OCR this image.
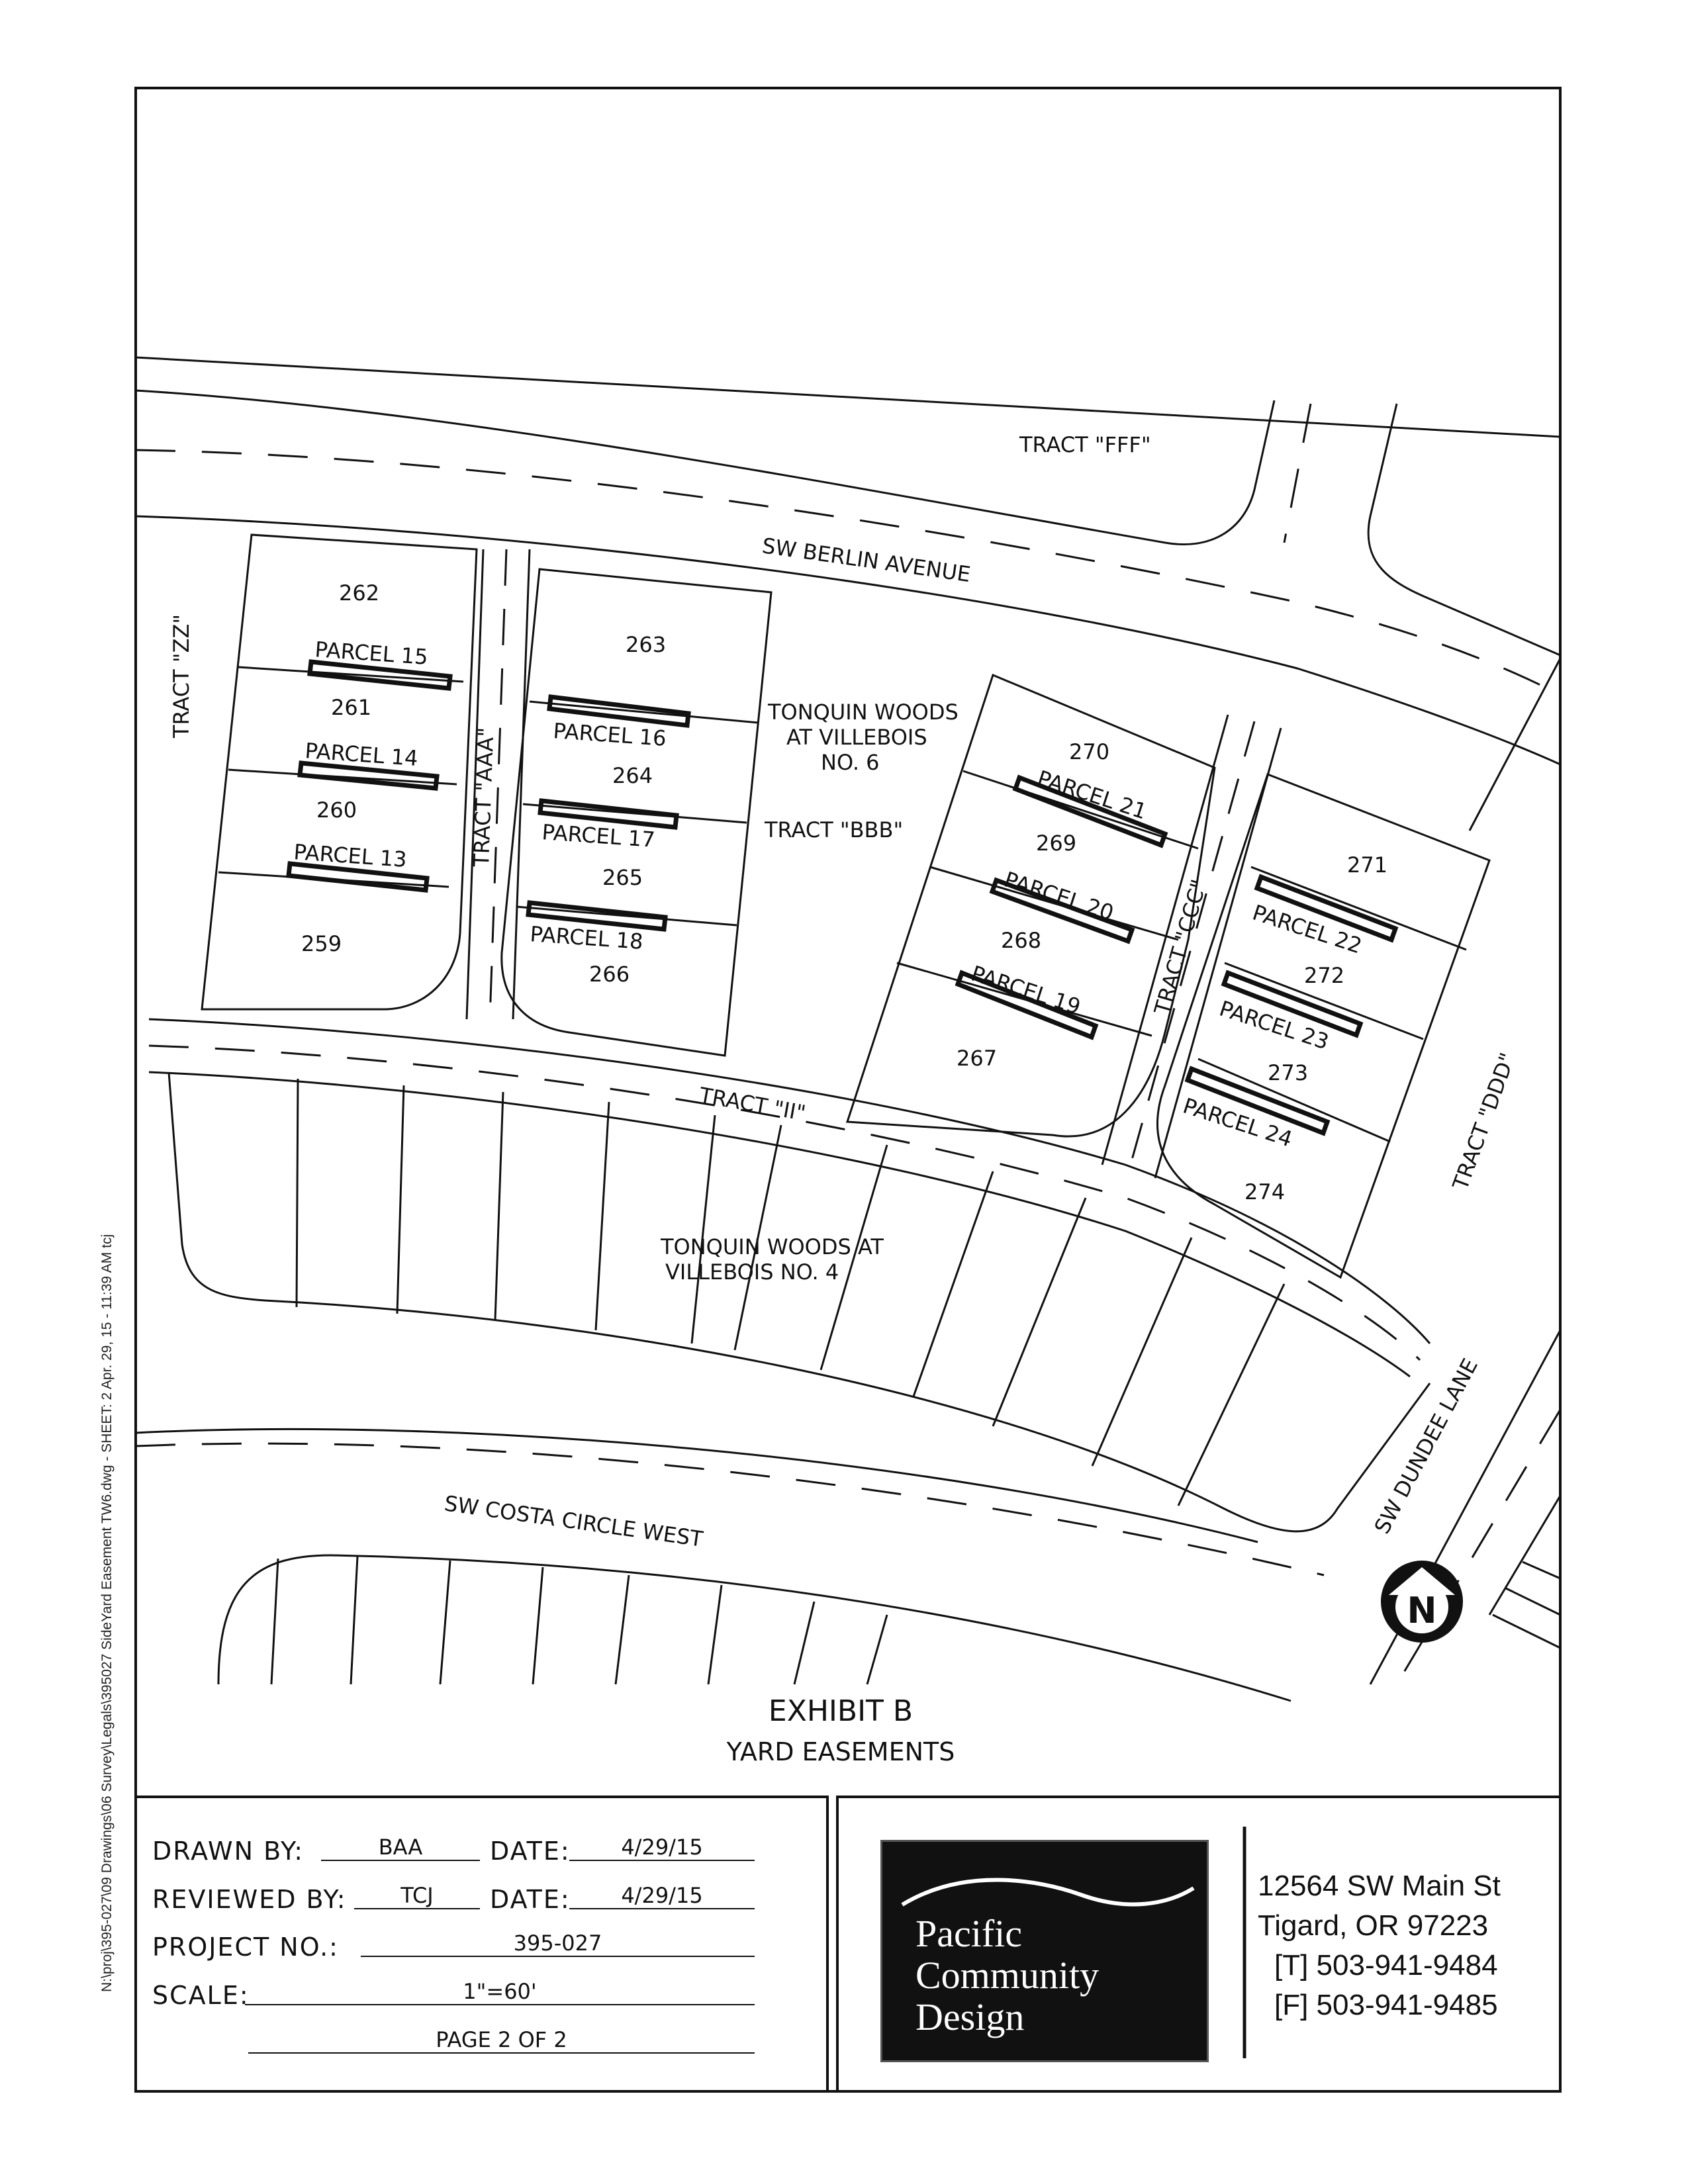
TRACT "FFF"
SW BERLIN AVENUE
TRACT "ZZ"
TRACT "AAA"
TONQUIN WOODS
AT VILLEBOIS
NO. 6
TRACT "BBB"
TRACT "CCC"
TRACT "DDD"
TRACT "II"
TONQUIN WOODS AT
VILLEBOIS NO. 4
SW COSTA CIRCLE WEST	SW DUNDEE LANE
262
261
260
259
263
264
265
266
270
269
268
267
271
272
273
274
PARCEL 15
PARCEL 14
PARCEL 13
PARCEL 16
PARCEL 17
PARCEL 18
PARCEL 21
PARCEL 20
PARCEL 19
PARCEL 22
PARCEL 23
PARCEL 24
N
EXHIBIT B
YARD EASEMENTS
N:\proj\395-027\09 Drawings\06 Survey\Legals\395027 SideYard Easement TW6.dwg - SHEET: 2 Apr. 29, 15 - 11:39 AM tcj DRAWN BY:	BAA	DATE:	4/29/15
REVIEWED BY:	TCJ	DATE:	4/29/15
PROJECT NO.:	395-027
SCALE:	1"=60'
PAGE 2 OF 2
Pacific
Community
Design
12564 SW Main St
Tigard, OR 97223
[T] 503-941-9484
[F] 503-941-9485
